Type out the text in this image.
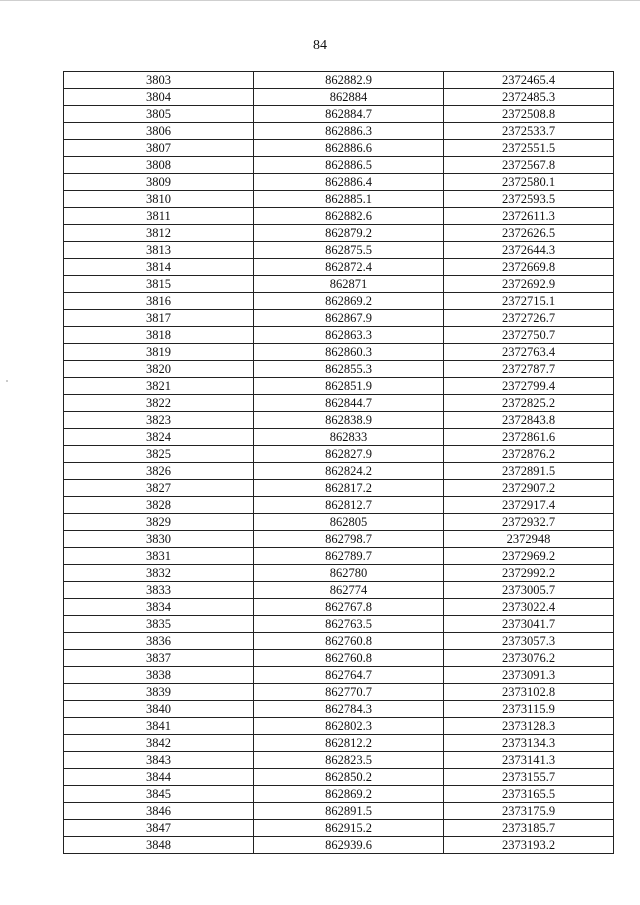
84
3803	862882.9	2372465.4
3804	862884	2372485.3
3805	862884.7	2372508.8
3806	862886.3	2372533.7
3807	862886.6	2372551.5
3808	862886.5	2372567.8
3809	862886.4	2372580.1
3810	862885.1	2372593.5
3811	862882.6	2372611.3
3812	862879.2	2372626.5
3813	862875.5	2372644.3
3814	862872.4	2372669.8
3815	862871	2372692.9
3816	862869.2	2372715.1
3817	862867.9	2372726.7
3818	862863.3	2372750.7
3819	862860.3	2372763.4
3820	862855.3	2372787.7
3821	862851.9	2372799.4
3822	862844.7	2372825.2
3823	862838.9	2372843.8
3824	862833	2372861.6
3825	862827.9	2372876.2
3826	862824.2	2372891.5
3827	862817.2	2372907.2
3828	862812.7	2372917.4
3829	862805	2372932.7
3830	862798.7	2372948
3831	862789.7	2372969.2
3832	862780	2372992.2
3833	862774	2373005.7
3834	862767.8	2373022.4
3835	862763.5	2373041.7
3836	862760.8	2373057.3
3837	862760.8	2373076.2
3838	862764.7	2373091.3
3839	862770.7	2373102.8
3840	862784.3	2373115.9
3841	862802.3	2373128.3
3842	862812.2	2373134.3
3843	862823.5	2373141.3
3844	862850.2	2373155.7
3845	862869.2	2373165.5
3846	862891.5	2373175.9
3847	862915.2	2373185.7
3848	862939.6	2373193.2
